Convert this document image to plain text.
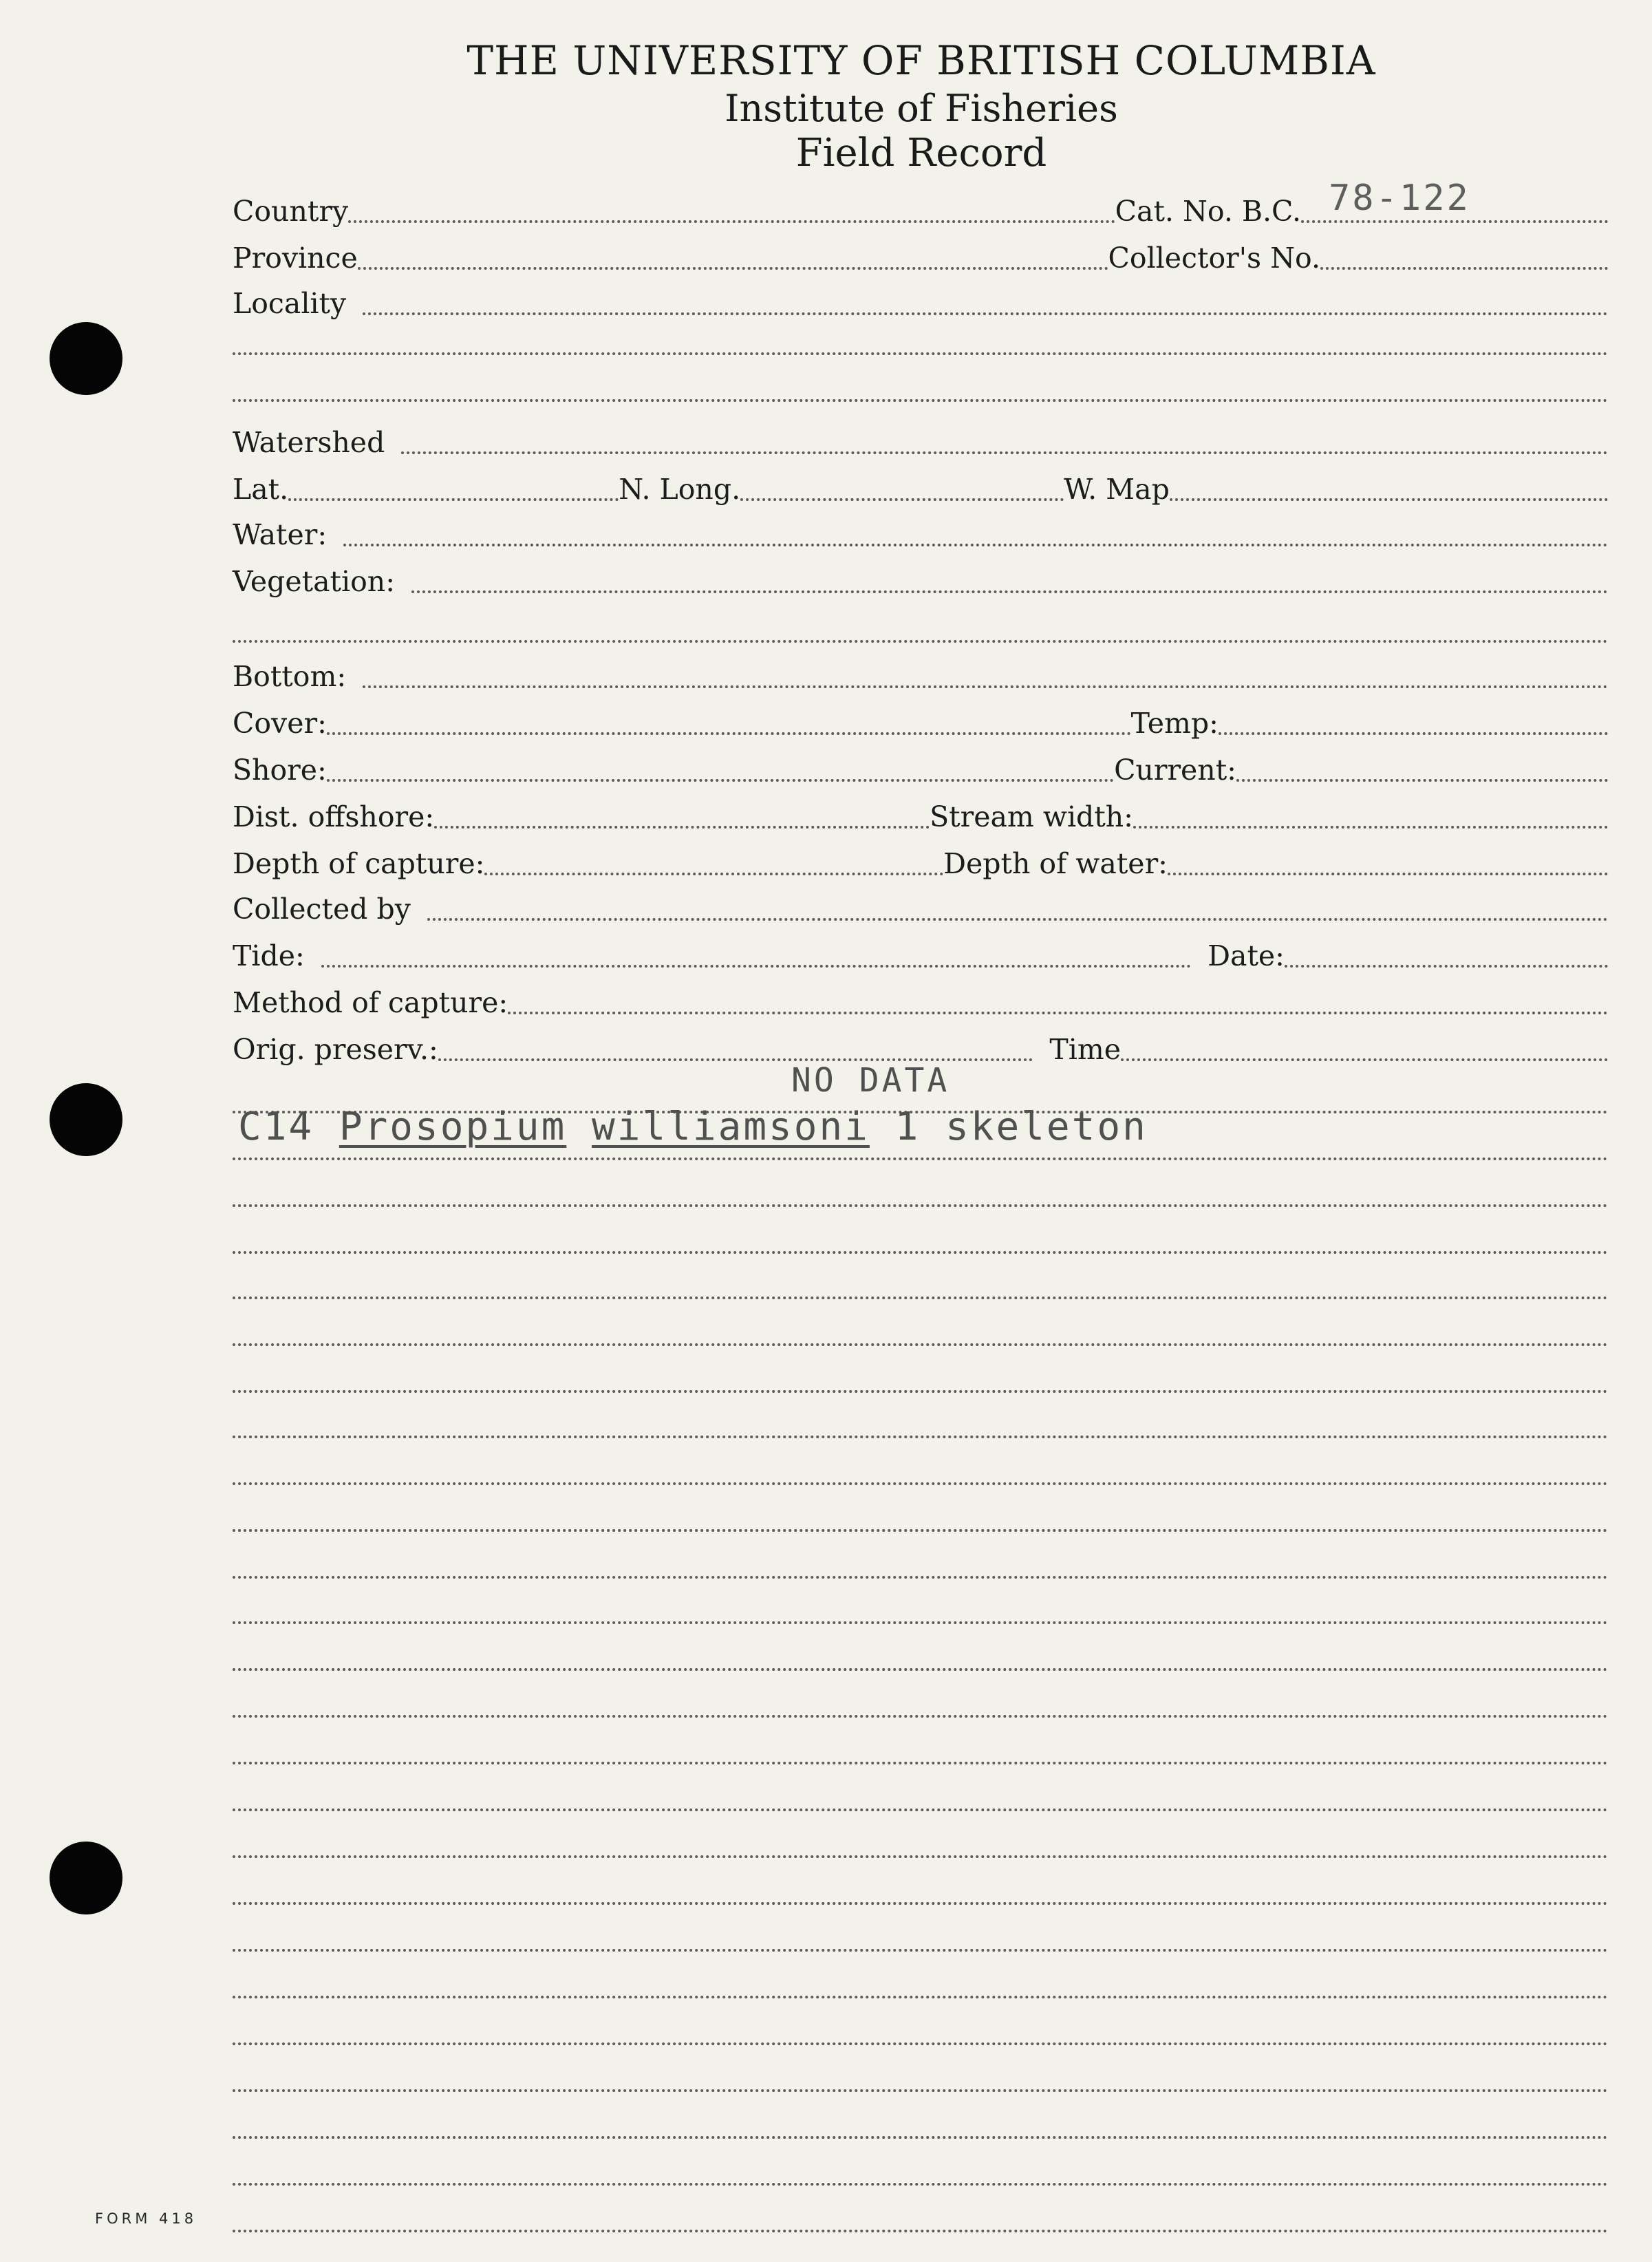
THE UNIVERSITY OF BRITISH COLUMBIA
Institute of Fisheries
Field Record
Country	Cat. No. B.C. 78-122
Province	Collector's No.
Locality
Watershed
Lat.	N. Long.	W. Map
Water:
Vegetation:
Bottom:
Cover:	Temp:
Shore:	Current:
Dist. offshore:	Stream width:
Depth of capture:	Depth of water:
Collected by
Tide:	Date:
Method of capture:
Orig. preserv.:	Time
NO DATA
C14 Prosopium williamsoni 1 skeleton
FORM 418
